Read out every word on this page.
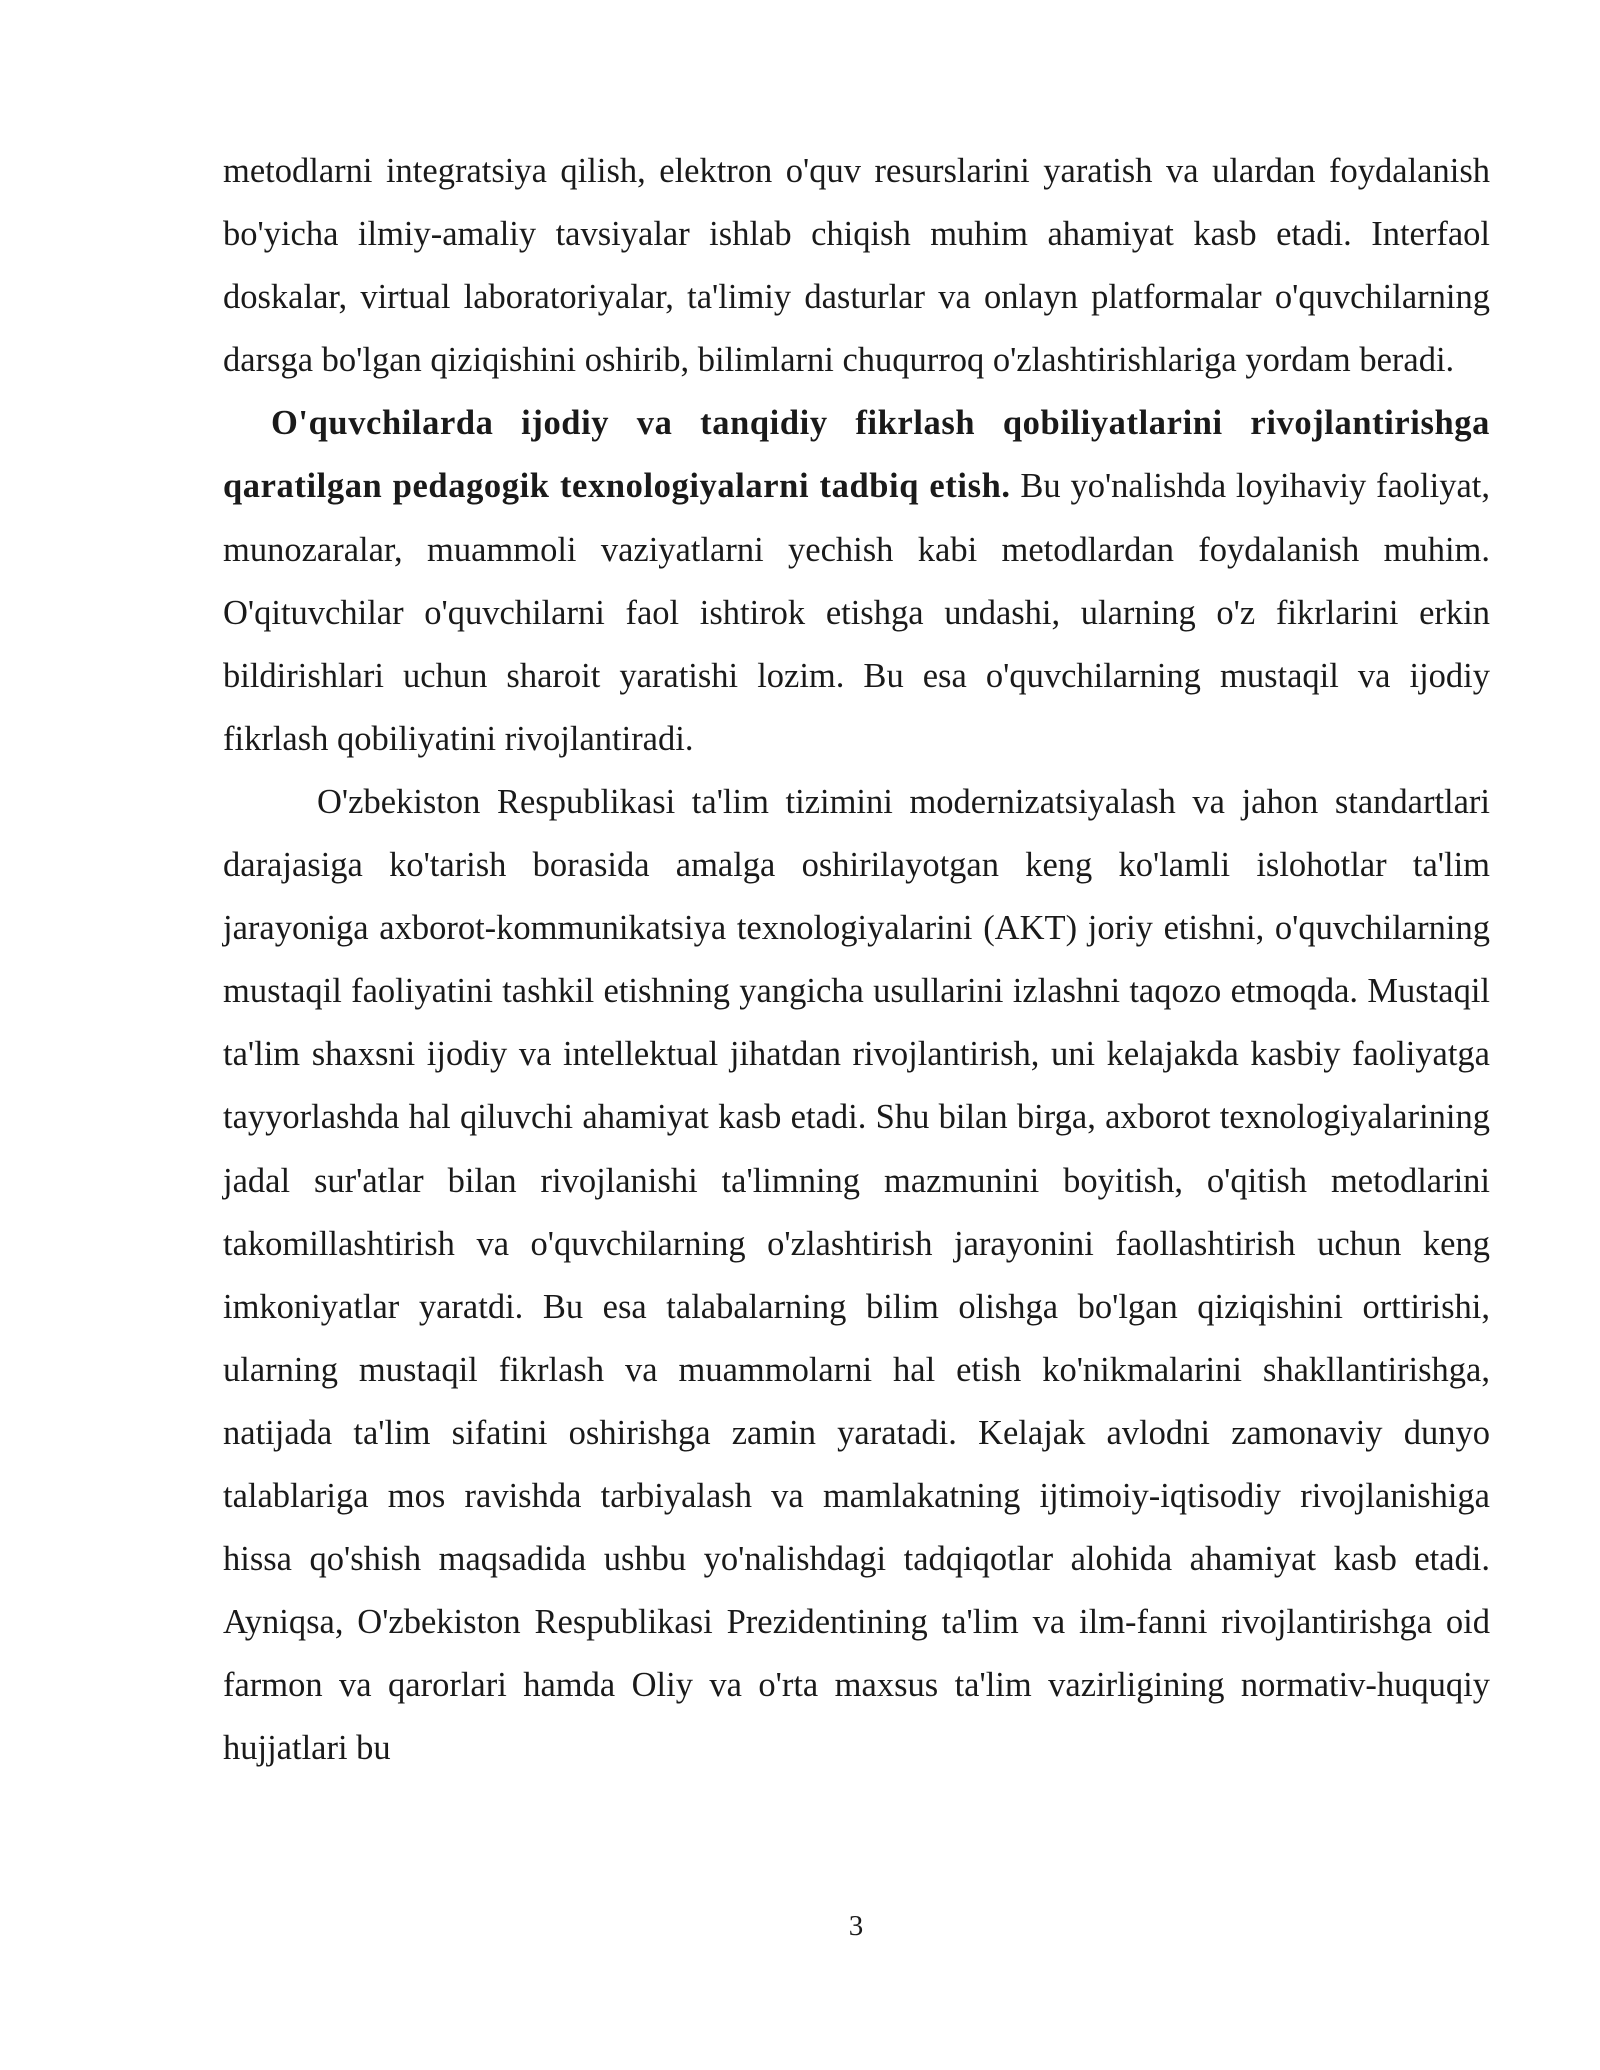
metodlarni integratsiya qilish, elektron o'quv resurslarini yaratish va ulardan foydalanish bo'yicha ilmiy-amaliy tavsiyalar ishlab chiqish muhim ahamiyat kasb etadi. Interfaol doskalar, virtual laboratoriyalar, ta'limiy dasturlar va onlayn platformalar o'quvchilarning darsga bo'lgan qiziqishini oshirib, bilimlarni chuqurroq o'zlashtirishlariga yordam beradi.

O'quvchilarda ijodiy va tanqidiy fikrlash qobiliyatlarini rivojlantirishga qaratilgan pedagogik texnologiyalarni tadbiq etish. Bu yo'nalishda loyihaviy faoliyat, munozaralar, muammoli vaziyatlarni yechish kabi metodlardan foydalanish muhim. O'qituvchilar o'quvchilarni faol ishtirok etishga undashi, ularning o'z fikrlarini erkin bildirishlari uchun sharoit yaratishi lozim. Bu esa o'quvchilarning mustaqil va ijodiy fikrlash qobiliyatini rivojlantiradi.

O'zbekiston Respublikasi ta'lim tizimini modernizatsiyalash va jahon standartlari darajasiga ko'tarish borasida amalga oshirilayotgan keng ko'lamli islohotlar ta'lim jarayoniga axborot-kommunikatsiya texnologiyalarini (AKT) joriy etishni, o'quvchilarning mustaqil faoliyatini tashkil etishning yangicha usullarini izlashni taqozo etmoqda. Mustaqil ta'lim shaxsni ijodiy va intellektual jihatdan rivojlantirish, uni kelajakda kasbiy faoliyatga tayyorlashda hal qiluvchi ahamiyat kasb etadi. Shu bilan birga, axborot texnologiyalarining jadal sur'atlar bilan rivojlanishi ta'limning mazmunini boyitish, o'qitish metodlarini takomillashtirish va o'quvchilarning o'zlashtirish jarayonini faollashtirish uchun keng imkoniyatlar yaratdi. Bu esa talabalarning bilim olishga bo'lgan qiziqishini orttirishi, ularning mustaqil fikrlash va muammolarni hal etish ko'nikmalarini shakllantirishga, natijada ta'lim sifatini oshirishga zamin yaratadi. Kelajak avlodni zamonaviy dunyo talablariga mos ravishda tarbiyalash va mamlakatning ijtimoiy-iqtisodiy rivojlanishiga hissa qo'shish maqsadida ushbu yo'nalishdagi tadqiqotlar alohida ahamiyat kasb etadi. Ayniqsa, O'zbekiston Respublikasi Prezidentining ta'lim va ilm-fanni rivojlantirishga oid farmon va qarorlari hamda Oliy va o'rta maxsus ta'lim vazirligining normativ-huquqiy hujjatlari bu

3
